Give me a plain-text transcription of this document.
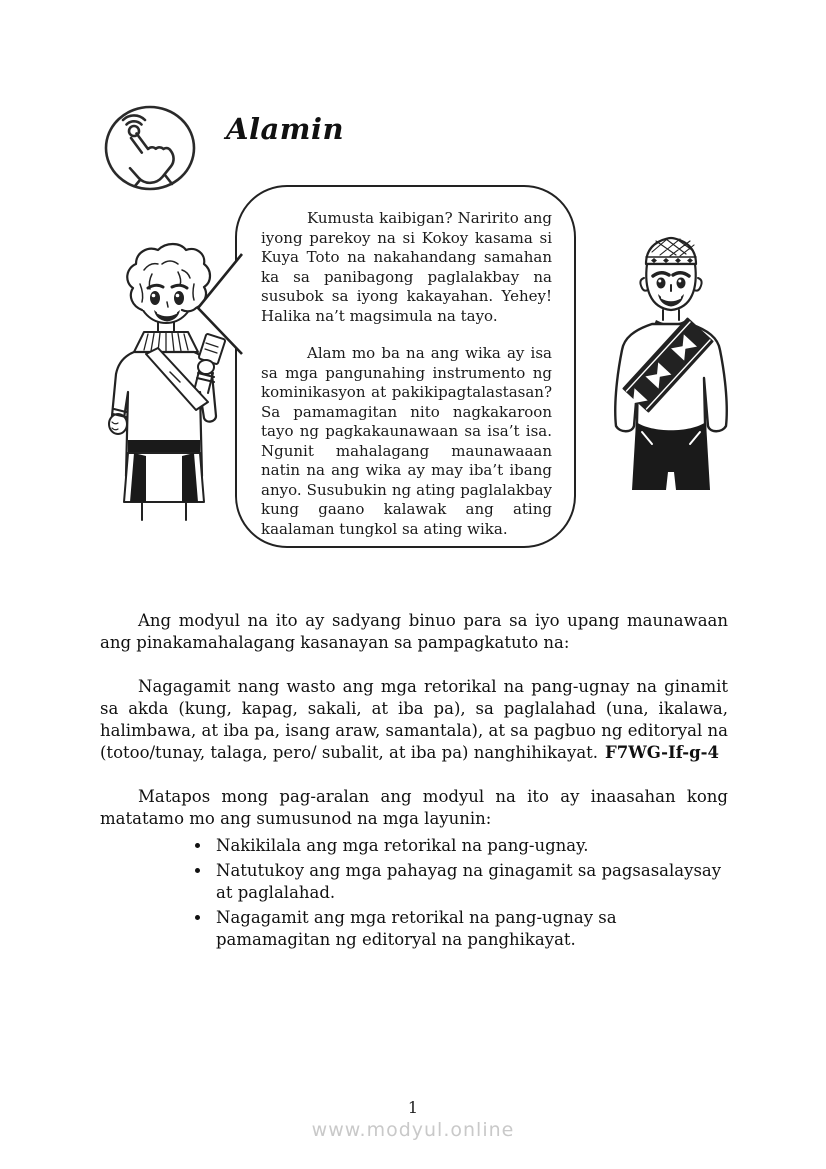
Alamin

Kumusta kaibigan? Naririto ang iyong parekoy na si Kokoy kasama si Kuya Toto na nakahandang samahan ka sa panibagong paglalakbay na susubok sa iyong kakayahan. Yehey! Halika na’t magsimula na tayo.

Alam mo ba na ang wika ay isa sa mga pangunahing instrumento ng kominikasyon at pakikipagtalastasan? Sa pamamagitan nito nagkakaroon tayo ng pagkakaunawaan sa isa’t isa. Ngunit mahalagang maunawaaan natin na ang wika ay may iba’t ibang anyo. Susubukin ng ating paglalakbay kung gaano kalawak ang ating kaalaman tungkol sa ating wika.

Ang modyul na ito ay sadyang binuo para sa iyo upang maunawaan ang pinakamahalagang kasanayan sa pampagkatuto na:

Nagagamit nang wasto ang mga retorikal na pang-ugnay na ginamit sa akda (kung, kapag, sakali, at iba pa), sa paglalahad (una, ikalawa, halimbawa, at iba pa, isang araw, samantala), at sa pagbuo ng editoryal na (totoo/tunay, talaga, pero/ subalit, at iba pa) nanghihikayat. F7WG-If-g-4

Matapos mong pag-aralan ang modyul na ito ay inaasahan kong matatamo mo ang sumusunod na mga layunin:

• Nakikilala ang mga retorikal na pang-ugnay.
• Natutukoy ang mga pahayag na ginagamit sa pagsasalaysay at paglalahad.
• Nagagamit ang mga retorikal na pang-ugnay sa pamamagitan ng editoryal na panghikayat.
1
www.modyul.online
